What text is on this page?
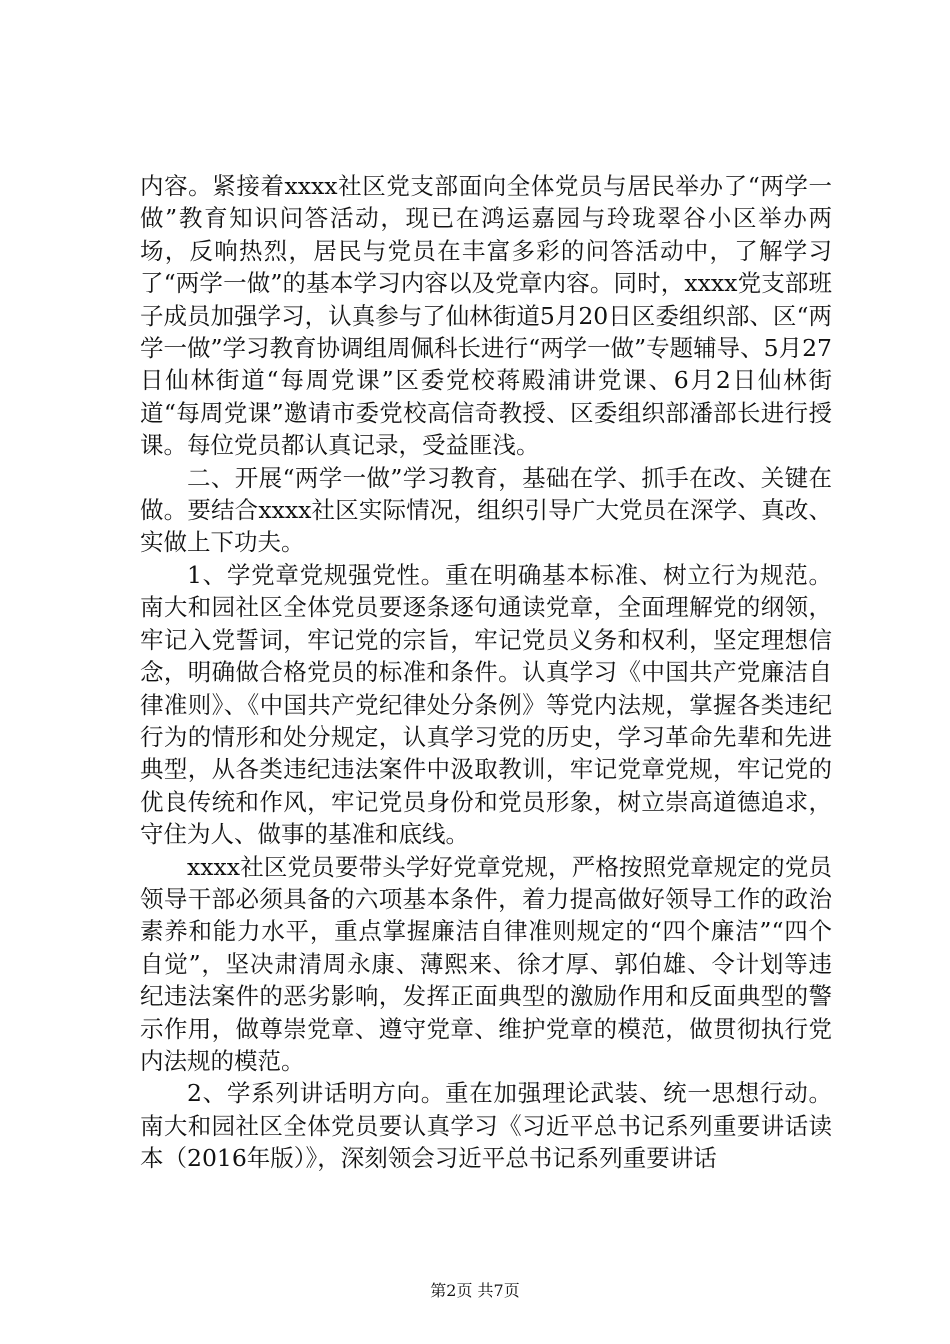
内容。紧接着xxxx社区党支部面向全体党员与居民举办了“两学一做”教育知识问答活动，现已在鸿运嘉园与玲珑翠谷小区举办两场，反响热烈，居民与党员在丰富多彩的问答活动中，了解学习了“两学一做”的基本学习内容以及党章内容。同时，xxxx党支部班子成员加强学习，认真参与了仙林街道5月20日区委组织部、区“两学一做”学习教育协调组周佩科长进行“两学一做”专题辅导、5月27日仙林街道“每周党课”区委党校蒋殿浦讲党课、6月2日仙林街道“每周党课”邀请市委党校高信奇教授、区委组织部潘部长进行授课。每位党员都认真记录，受益匪浅。

二、开展“两学一做”学习教育，基础在学、抓手在改、关键在做。要结合xxxx社区实际情况，组织引导广大党员在深学、真改、实做上下功夫。

1、学党章党规强党性。重在明确基本标准、树立行为规范。南大和园社区全体党员要逐条逐句通读党章，全面理解党的纲领，牢记入党誓词，牢记党的宗旨，牢记党员义务和权利，坚定理想信念，明确做合格党员的标准和条件。认真学习《中国共产党廉洁自律准则》、《中国共产党纪律处分条例》等党内法规，掌握各类违纪行为的情形和处分规定，认真学习党的历史，学习革命先辈和先进典型，从各类违纪违法案件中汲取教训，牢记党章党规，牢记党的优良传统和作风，牢记党员身份和党员形象，树立崇高道德追求，守住为人、做事的基准和底线。

xxxx社区党员要带头学好党章党规，严格按照党章规定的党员领导干部必须具备的六项基本条件，着力提高做好领导工作的政治素养和能力水平，重点掌握廉洁自律准则规定的“四个廉洁”“四个自觉”，坚决肃清周永康、薄熙来、徐才厚、郭伯雄、令计划等违纪违法案件的恶劣影响，发挥正面典型的激励作用和反面典型的警示作用，做尊崇党章、遵守党章、维护党章的模范，做贯彻执行党内法规的模范。

2、学系列讲话明方向。重在加强理论武装、统一思想行动。南大和园社区全体党员要认真学习《习近平总书记系列重要讲话读本（2016年版）》，深刻领会习近平总书记系列重要讲话

第2页 共7页
